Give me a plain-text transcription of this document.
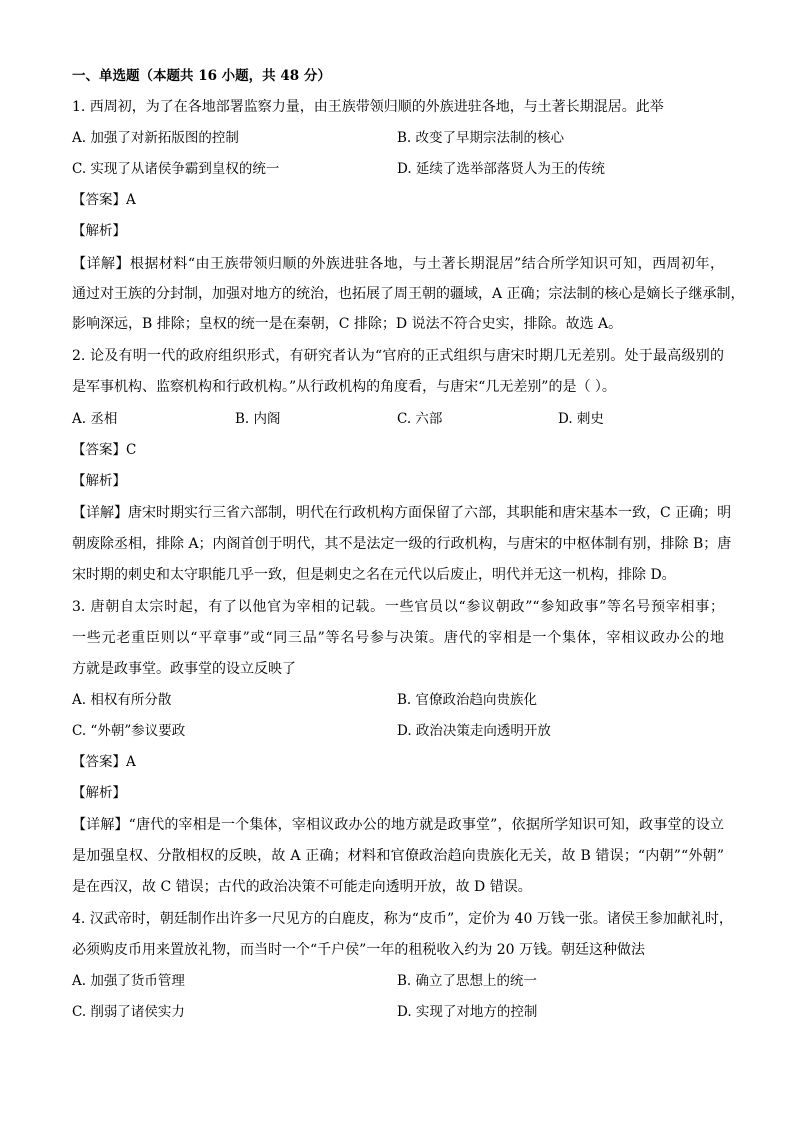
一、单选题（本题共 16 小题，共 48 分）
1. 西周初，为了在各地部署监察力量，由王族带领归顺的外族进驻各地，与土著长期混居。此举
A. 加强了对新拓版图的控制	B. 改变了早期宗法制的核心
C. 实现了从诸侯争霸到皇权的统一	D. 延续了选举部落贤人为王的传统
【答案】A
【解析】
【详解】根据材料“由王族带领归顺的外族进驻各地，与土著长期混居”结合所学知识可知，西周初年，
通过对王族的分封制，加强对地方的统治，也拓展了周王朝的疆域，A 正确；宗法制的核心是嫡长子继承制，
影响深远，B 排除；皇权的统一是在秦朝，C 排除；D 说法不符合史实，排除。故选 A。
2. 论及有明一代的政府组织形式，有研究者认为“官府的正式组织与唐宋时期几无差别。处于最高级别的
是军事机构、监察机构和行政机构。”从行政机构的角度看，与唐宋“几无差别”的是（ ）。
A. 丞相	B. 内阁	C. 六部	D. 刺史
【答案】C
【解析】
【详解】唐宋时期实行三省六部制，明代在行政机构方面保留了六部，其职能和唐宋基本一致，C 正确；明
朝废除丞相，排除 A；内阁首创于明代，其不是法定一级的行政机构，与唐宋的中枢体制有别，排除 B；唐
宋时期的刺史和太守职能几乎一致，但是刺史之名在元代以后废止，明代并无这一机构，排除 D。
3. 唐朝自太宗时起，有了以他官为宰相的记载。一些官员以“参议朝政”“参知政事”等名号预宰相事；
一些元老重臣则以“平章事”或“同三品”等名号参与决策。唐代的宰相是一个集体，宰相议政办公的地
方就是政事堂。政事堂的设立反映了
A. 相权有所分散	B. 官僚政治趋向贵族化
C. “外朝”参议要政	D. 政治决策走向透明开放
【答案】A
【解析】
【详解】“唐代的宰相是一个集体，宰相议政办公的地方就是政事堂”，依据所学知识可知，政事堂的设立
是加强皇权、分散相权的反映，故 A 正确；材料和官僚政治趋向贵族化无关，故 B 错误；“内朝”“外朝”
是在西汉，故 C 错误；古代的政治决策不可能走向透明开放，故 D 错误。
4. 汉武帝时，朝廷制作出许多一尺见方的白鹿皮，称为“皮币”，定价为 40 万钱一张。诸侯王参加献礼时，
必须购皮币用来置放礼物，而当时一个“千户侯”一年的租税收入约为 20 万钱。朝廷这种做法
A. 加强了货币管理	B. 确立了思想上的统一
C. 削弱了诸侯实力	D. 实现了对地方的控制
